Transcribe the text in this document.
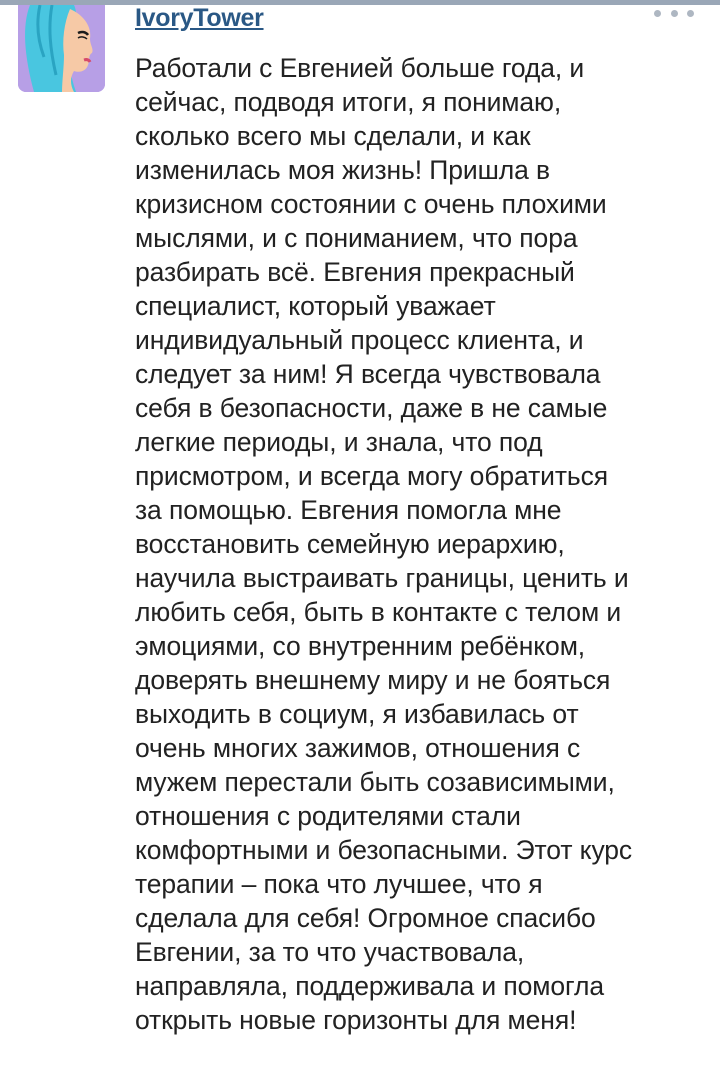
IvoryTower

Работали с Евгенией больше года, и
сейчас, подводя итоги, я понимаю,
сколько всего мы сделали, и как
изменилась моя жизнь! Пришла в
кризисном состоянии с очень плохими
мыслями, и с пониманием, что пора
разбирать всё. Евгения прекрасный
специалист, который уважает
индивидуальный процесс клиента, и
следует за ним! Я всегда чувствовала
себя в безопасности, даже в не самые
легкие периоды, и знала, что под
присмотром, и всегда могу обратиться
за помощью. Евгения помогла мне
восстановить семейную иерархию,
научила выстраивать границы, ценить и
любить себя, быть в контакте с телом и
эмоциями, со внутренним ребёнком,
доверять внешнему миру и не бояться
выходить в социум, я избавилась от
очень многих зажимов, отношения с
мужем перестали быть созависимыми,
отношения с родителями стали
комфортными и безопасными. Этот курс
терапии – пока что лучшее, что я
сделала для себя! Огромное спасибо
Евгении, за то что участвовала,
направляла, поддерживала и помогла
открыть новые горизонты для меня!
